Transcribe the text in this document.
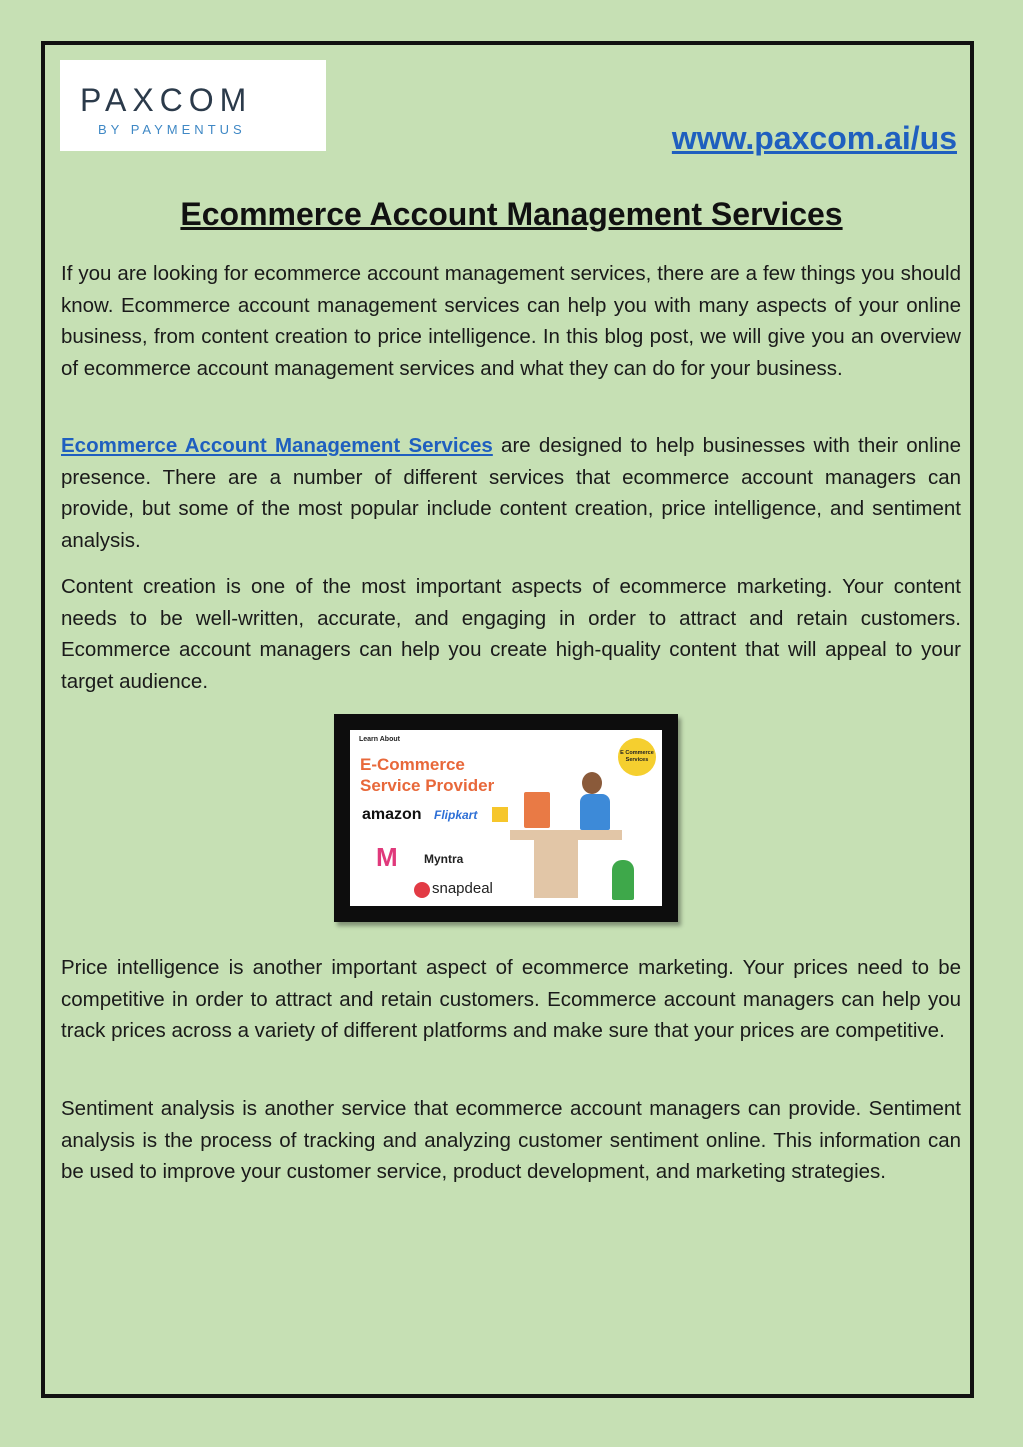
PAXCOM
BY PAYMENTUS	www.paxcom.ai/us
Ecommerce Account Management Services

If you are looking for ecommerce account management services, there are a few things you should know. Ecommerce account management services can help you with many aspects of your online business, from content creation to price intelligence. In this blog post, we will give you an overview of ecommerce account management services and what they can do for your business.

Ecommerce Account Management Services are designed to help businesses with their online presence. There are a number of different services that ecommerce account managers can provide, but some of the most popular include content creation, price intelligence, and sentiment analysis.

Content creation is one of the most important aspects of ecommerce marketing. Your content needs to be well-written, accurate, and engaging in order to attract and retain customers. Ecommerce account managers can help you create high-quality content that will appeal to your target audience.

Learn About
E-Commerce Service Provider
amazon Flipkart
M Myntra
snapdeal
E Commerce Services

Price intelligence is another important aspect of ecommerce marketing. Your prices need to be competitive in order to attract and retain customers. Ecommerce account managers can help you track prices across a variety of different platforms and make sure that your prices are competitive.

Sentiment analysis is another service that ecommerce account managers can provide. Sentiment analysis is the process of tracking and analyzing customer sentiment online. This information can be used to improve your customer service, product development, and marketing strategies.
